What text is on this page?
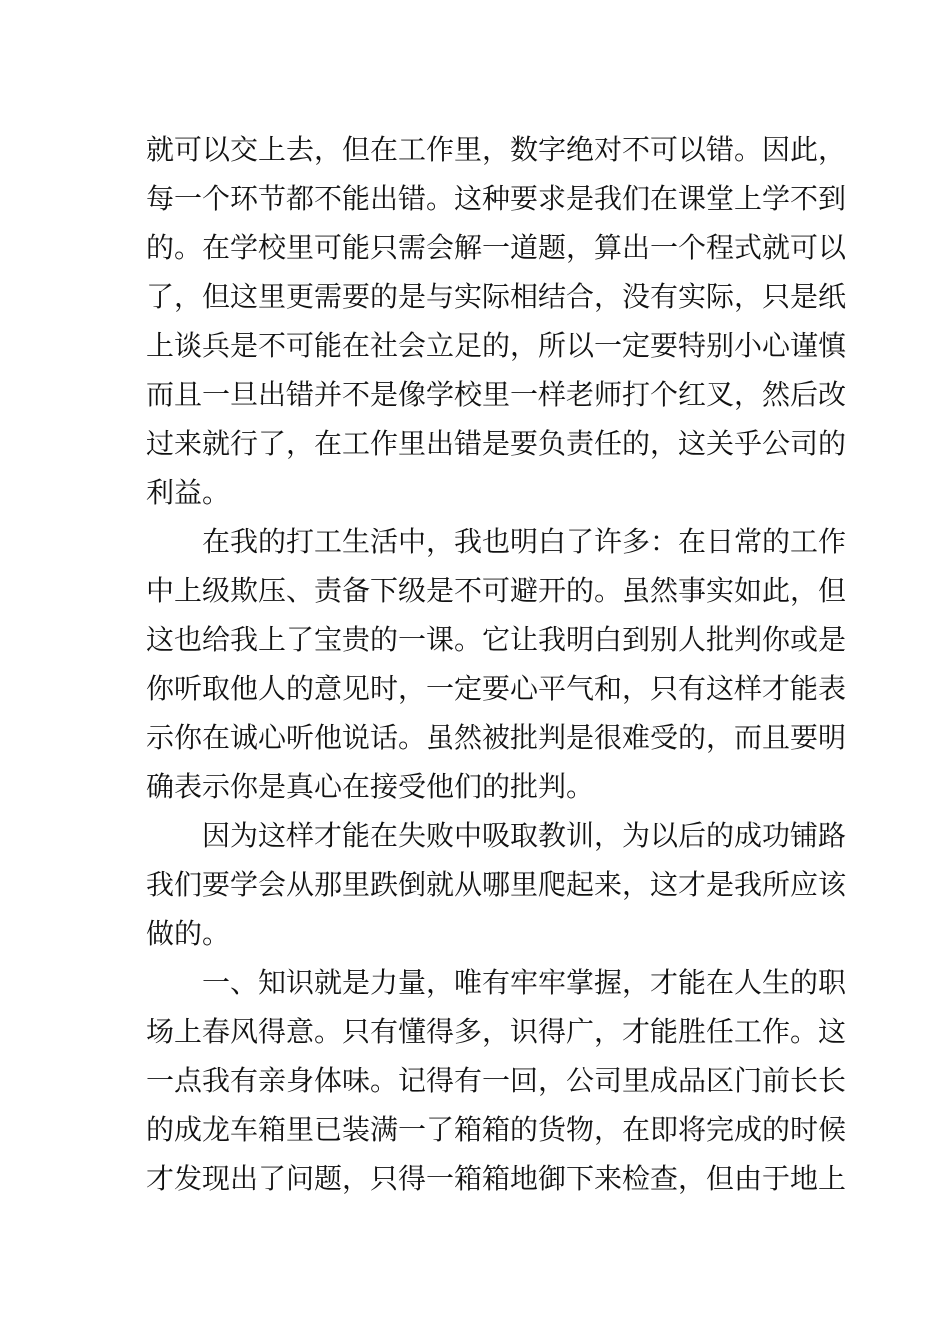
就可以交上去，但在工作里，数字绝对不可以错。因此，
每一个环节都不能出错。这种要求是我们在课堂上学不到
的。在学校里可能只需会解一道题，算出一个程式就可以
了，但这里更需要的是与实际相结合，没有实际，只是纸
上谈兵是不可能在社会立足的，所以一定要特别小心谨慎
而且一旦出错并不是像学校里一样老师打个红叉，然后改
过来就行了，在工作里出错是要负责任的，这关乎公司的
利益。
在我的打工生活中，我也明白了许多：在日常的工作
中上级欺压、责备下级是不可避开的。虽然事实如此，但
这也给我上了宝贵的一课。它让我明白到别人批判你或是
你听取他人的意见时，一定要心平气和，只有这样才能表
示你在诚心听他说话。虽然被批判是很难受的，而且要明
确表示你是真心在接受他们的批判。
因为这样才能在失败中吸取教训，为以后的成功铺路
我们要学会从那里跌倒就从哪里爬起来，这才是我所应该
做的。
一、知识就是力量，唯有牢牢掌握，才能在人生的职
场上春风得意。只有懂得多，识得广，才能胜任工作。这
一点我有亲身体味。记得有一回，公司里成品区门前长长
的成龙车箱里已装满一了箱箱的货物，在即将完成的时候
才发现出了问题，只得一箱箱地御下来检查，但由于地上
